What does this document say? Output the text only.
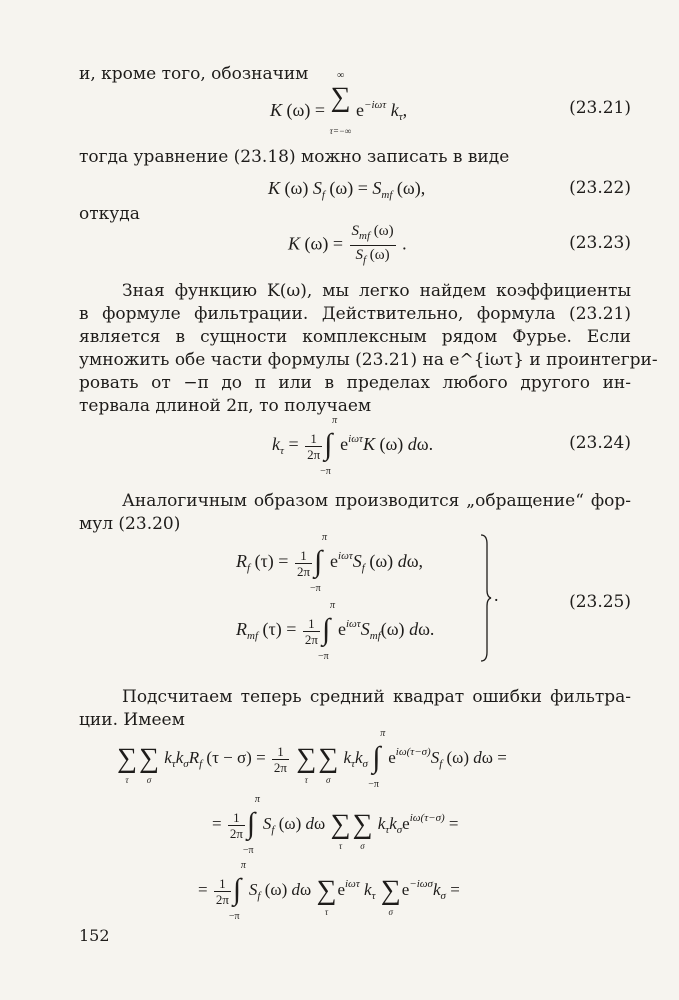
и, кроме того, обозначим
K (ω) =
∞
∑
τ=−∞
$e^{-i\omega\tau}$ $k_\tau$,	(23.21)
тогда уравнение (23.18) можно записать в виде
K (ω) $S_f$ $(\omega) = S_{mf}$ (ω),	(23.22)
откуда
K $(\omega) = \frac{S_{mf} (\omega)}{S_f (\omega)}$ .	(23.23)
Зная функцию K(ω), мы легко найдем коэффициенты
в формуле фильтрации. Действительно, формула (23.21)
является в сущности комплексным рядом Фурье. Если
умножить обе части формулы (23.21) на e^{iωτ} и проинтегри-
ровать от −π до π или в пределах любого другого ин-
тервала длиной 2π, то получаем
$k_\tau = \frac{1}{2\pi}$
π
∫
−π
$e^{i\omega\tau}K$ (ω) dω.	(23.24)
Аналогичным образом производится „обращение“ фор-
мул (23.20)
$R_f$ $(\tau) = \frac{1}{2\pi}$
π
∫
−π
$e^{i\omega\tau}S_f$ (ω) dω,
$R_{mf}$ $(\tau) = \frac{1}{2\pi}$
π
∫
−π
$e^{i\omega\tau}S_{mf}(\omega)$ dω.
.	(23.25)
Подсчитаем теперь средний квадрат ошибки фильтра-
ции. Имеем
∑
τ
∑
σ
$k_\tau k_\sigma R_f$ $(\tau - \sigma) = \frac{1}{2\pi}$
∑
τ
∑
σ
$k_\tau k_\sigma$
π
∫
−π
$e^{i\omega(\tau-\sigma)}S_f$ (ω) dω =
= $\frac{1}{2\pi}$
π
∫
−π
$S_f$ (ω) dω ∑
τ
∑
σ
$k_\tau k_\sigma e^{i\omega(\tau-\sigma)}$ =
= $\frac{1}{2\pi}$
π
∫
−π
$S_f$ (ω) dω ∑
τ
$e^{i\omega\tau}$ $k_\tau$ ∑
σ
$e^{-i\omega\sigma}k_\sigma$ =
152
